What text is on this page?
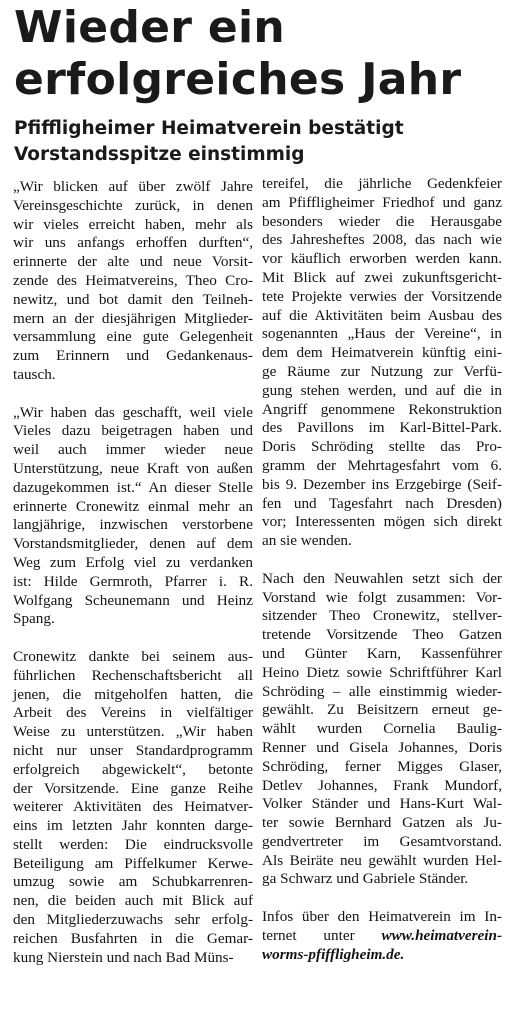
Wieder ein
erfolgreiches Jahr
Pfiffligheimer Heimatverein bestätigt
Vorstandsspitze einstimmig
„Wir blicken auf über zwölf Jahre
Vereinsgeschichte zurück, in denen
wir vieles erreicht haben, mehr als
wir uns anfangs erhoffen durften“,
erinnerte der alte und neue Vorsit-
zende des Heimatvereins, Theo Cro-
newitz, und bot damit den Teilneh-
mern an der diesjährigen Mitglieder-
versammlung eine gute Gelegenheit
zum Erinnern und Gedankenaus-
tausch.
„Wir haben das geschafft, weil viele
Vieles dazu beigetragen haben und
weil auch immer wieder neue
Unterstützung, neue Kraft von außen
dazugekommen ist.“ An dieser Stelle
erinnerte Cronewitz einmal mehr an
langjährige, inzwischen verstorbene
Vorstandsmitglieder, denen auf dem
Weg zum Erfolg viel zu verdanken
ist: Hilde Germroth, Pfarrer i. R.
Wolfgang Scheunemann und Heinz
Spang.
Cronewitz dankte bei seinem aus-
führlichen Rechenschaftsbericht all
jenen, die mitgeholfen hatten, die
Arbeit des Vereins in vielfältiger
Weise zu unterstützen. „Wir haben
nicht nur unser Standardprogramm
erfolgreich abgewickelt“, betonte
der Vorsitzende. Eine ganze Reihe
weiterer Aktivitäten des Heimatver-
eins im letzten Jahr konnten darge-
stellt werden: Die eindrucksvolle
Beteiligung am Piffelkumer Kerwe-
umzug sowie am Schubkarrenren-
nen, die beiden auch mit Blick auf
den Mitgliederzuwachs sehr erfolg-
reichen Busfahrten in die Gemar-
kung Nierstein und nach Bad Müns-
tereifel, die jährliche Gedenkfeier
am Pfiffligheimer Friedhof und ganz
besonders wieder die Herausgabe
des Jahresheftes 2008, das nach wie
vor käuflich erworben werden kann.
Mit Blick auf zwei zukunftsgericht-
tete Projekte verwies der Vorsitzende
auf die Aktivitäten beim Ausbau des
sogenannten „Haus der Vereine“, in
dem dem Heimatverein künftig eini-
ge Räume zur Nutzung zur Verfü-
gung stehen werden, und auf die in
Angriff genommene Rekonstruktion
des Pavillons im Karl-Bittel-Park.
Doris Schröding stellte das Pro-
gramm der Mehrtagesfahrt vom 6.
bis 9. Dezember ins Erzgebirge (Seif-
fen und Tagesfahrt nach Dresden)
vor; Interessenten mögen sich direkt
an sie wenden.
Nach den Neuwahlen setzt sich der
Vorstand wie folgt zusammen: Vor-
sitzender Theo Cronewitz, stellver-
tretende Vorsitzende Theo Gatzen
und Günter Karn, Kassenführer
Heino Dietz sowie Schriftführer Karl
Schröding – alle einstimmig wieder-
gewählt. Zu Beisitzern erneut ge-
wählt wurden Cornelia Baulig-
Renner und Gisela Johannes, Doris
Schröding, ferner Migges Glaser,
Detlev Johannes, Frank Mundorf,
Volker Ständer und Hans-Kurt Wal-
ter sowie Bernhard Gatzen als Ju-
gendvertreter im Gesamtvorstand.
Als Beiräte neu gewählt wurden Hel-
ga Schwarz und Gabriele Ständer.
Infos über den Heimatverein im In-
ternet unter www.heimatverein-
worms-pfiffligheim.de.
